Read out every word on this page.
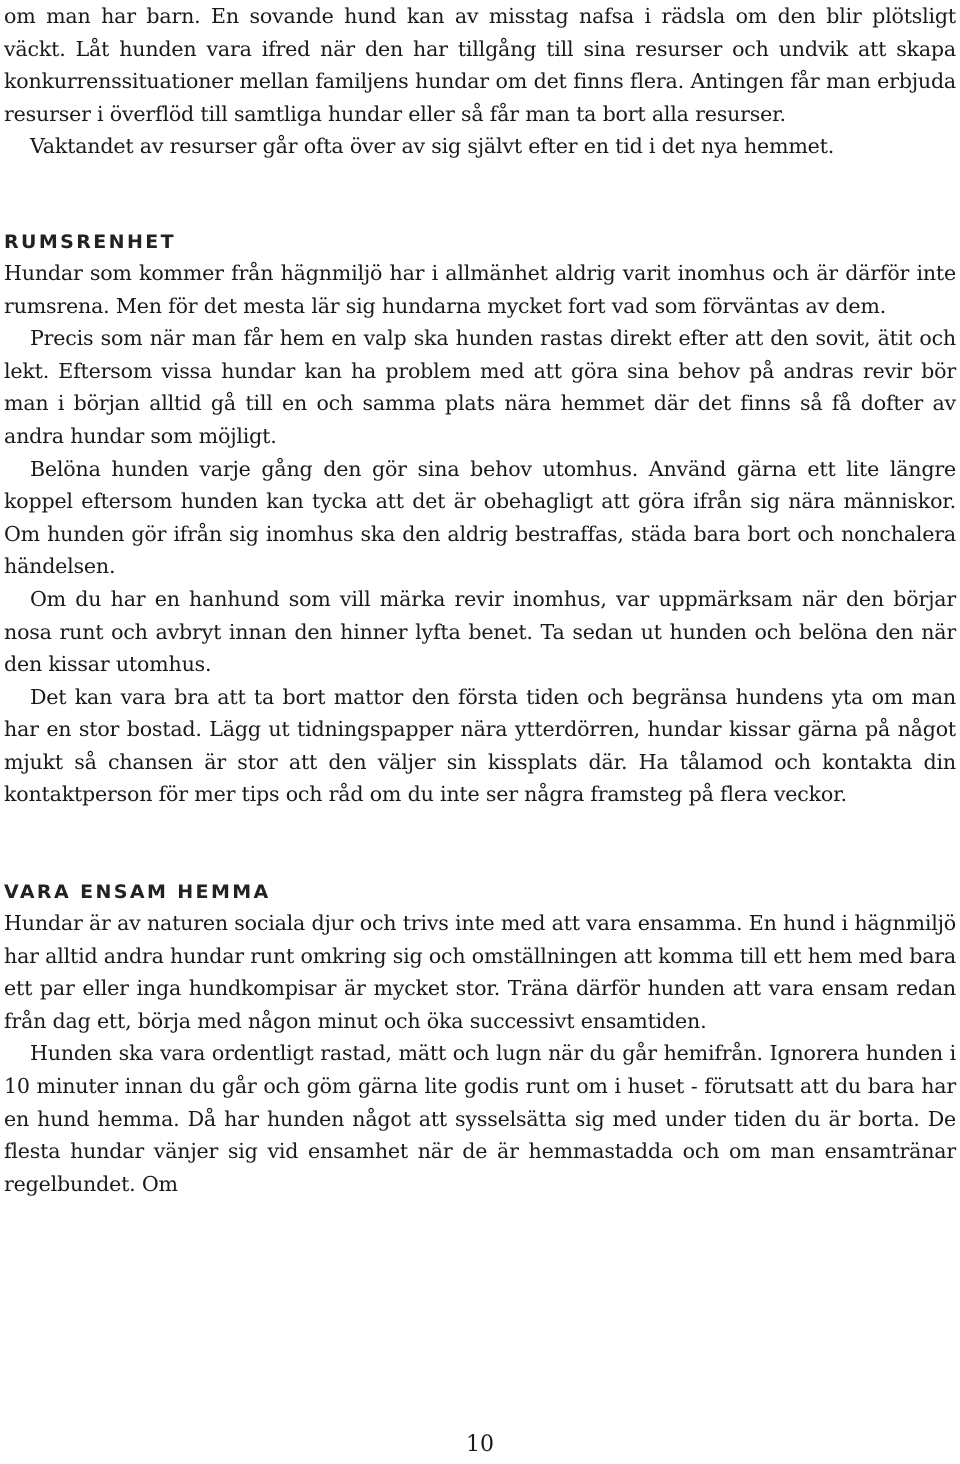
om man har barn. En sovande hund kan av misstag nafsa i rädsla om den blir plötsligt väckt. Låt hunden vara ifred när den har tillgång till sina resurser och undvik att skapa konkurrenssituationer mellan familjens hundar om det finns flera. Antingen får man erbjuda resurser i överflöd till samtliga hundar eller så får man ta bort alla resurser.

Vaktandet av resurser går ofta över av sig självt efter en tid i det nya hemmet.

RUMSRENHET

Hundar som kommer från hägnmiljö har i allmänhet aldrig varit inomhus och är därför inte rumsrena. Men för det mesta lär sig hundarna mycket fort vad som förväntas av dem.

Precis som när man får hem en valp ska hunden rastas direkt efter att den sovit, ätit och lekt. Eftersom vissa hundar kan ha problem med att göra sina behov på andras revir bör man i början alltid gå till en och samma plats nära hemmet där det finns så få dofter av andra hundar som möjligt.

Belöna hunden varje gång den gör sina behov utomhus. Använd gärna ett lite längre koppel eftersom hunden kan tycka att det är obehagligt att göra ifrån sig nära människor. Om hunden gör ifrån sig inomhus ska den aldrig bestraffas, städa bara bort och nonchalera händelsen.

Om du har en hanhund som vill märka revir inomhus, var uppmärksam när den börjar nosa runt och avbryt innan den hinner lyfta benet. Ta sedan ut hunden och belöna den när den kissar utomhus.

Det kan vara bra att ta bort mattor den första tiden och begränsa hundens yta om man har en stor bostad. Lägg ut tidningspapper nära ytterdörren, hundar kissar gärna på något mjukt så chansen är stor att den väljer sin kissplats där. Ha tålamod och kontakta din kontaktperson för mer tips och råd om du inte ser några framsteg på flera veckor.

VARA ENSAM HEMMA

Hundar är av naturen sociala djur och trivs inte med att vara ensamma. En hund i hägnmiljö har alltid andra hundar runt omkring sig och omställningen att komma till ett hem med bara ett par eller inga hundkompisar är mycket stor. Träna därför hunden att vara ensam redan från dag ett, börja med någon minut och öka successivt ensamtiden.

Hunden ska vara ordentligt rastad, mätt och lugn när du går hemifrån. Ignorera hunden i 10 minuter innan du går och göm gärna lite godis runt om i huset - förutsatt att du bara har en hund hemma. Då har hunden något att sysselsätta sig med under tiden du är borta. De flesta hundar vänjer sig vid ensamhet när de är hemmastadda och om man ensamtränar regelbundet. Om

10
